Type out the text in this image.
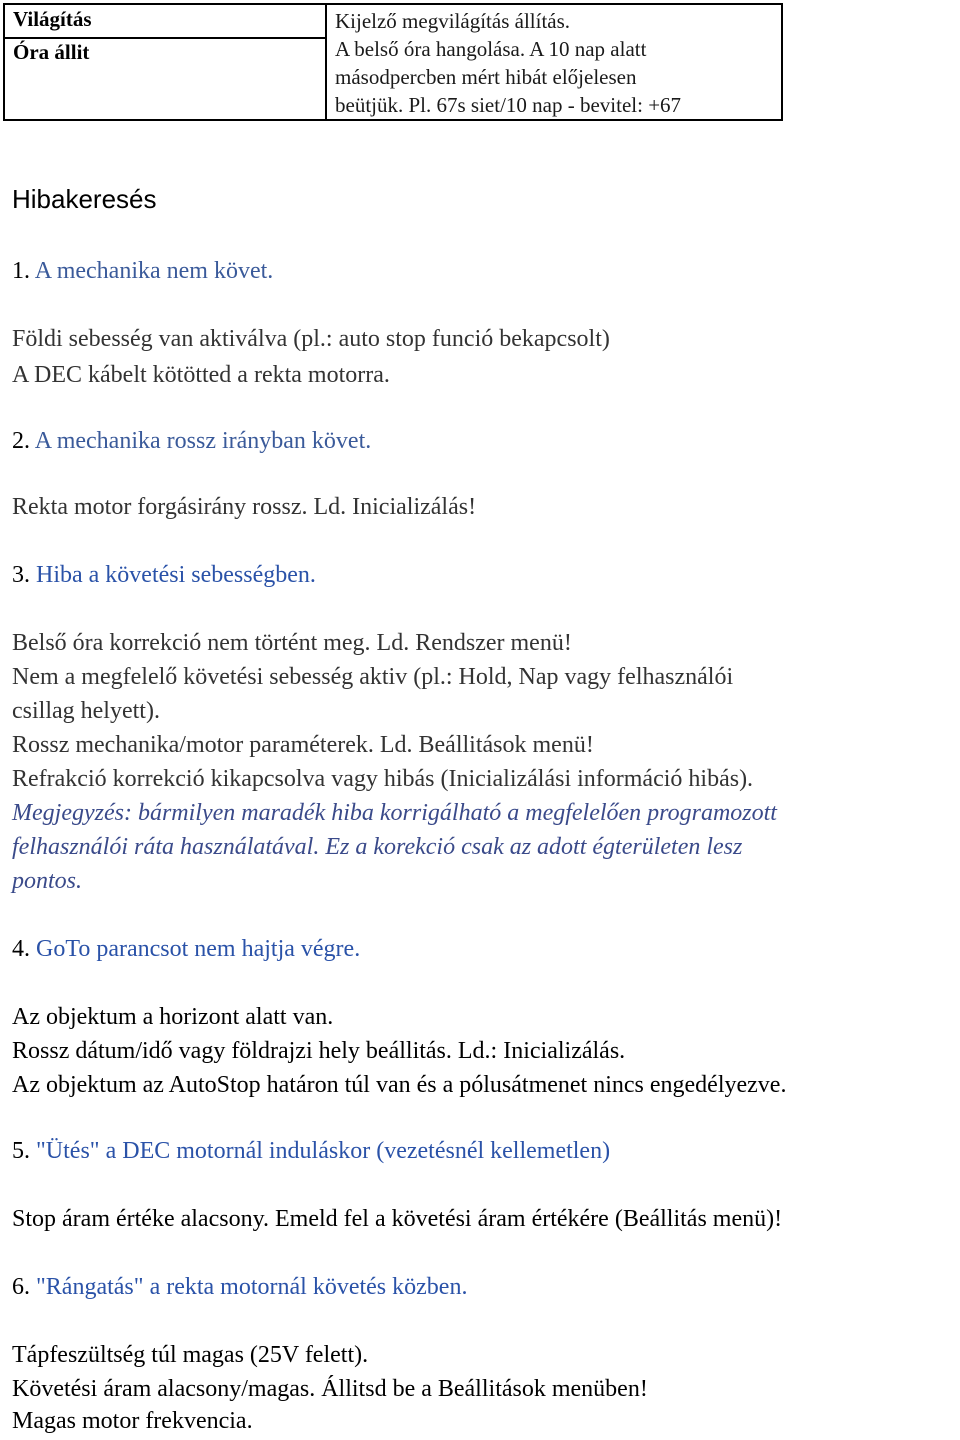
Világítás	Kijelző megvilágítás állítás.
Óra állit	A belső óra hangolása. A 10 nap alatt
másodpercben mért hibát előjelesen
beütjük. Pl. 67s siet/10 nap - bevitel: +67
Hibakeresés
1. A mechanika nem követ.
Földi sebesség van aktiválva (pl.: auto stop funció bekapcsolt)
A DEC kábelt kötötted a rekta motorra.
2. A mechanika rossz irányban követ.
Rekta motor forgásirány rossz. Ld. Inicializálás!
3. Hiba a követési sebességben.
Belső óra korrekció nem történt meg. Ld. Rendszer menü!
Nem a megfelelő követési sebesség aktiv (pl.: Hold, Nap vagy felhasználói
csillag helyett).
Rossz mechanika/motor paraméterek. Ld. Beállitások menü!
Refrakció korrekció kikapcsolva vagy hibás (Inicializálási információ hibás).
Megjegyzés: bármilyen maradék hiba korrigálható a megfelelően programozott
felhasználói ráta használatával. Ez a korekció csak az adott égterületen lesz
pontos.
4. GoTo parancsot nem hajtja végre.
Az objektum a horizont alatt van.
Rossz dátum/idő vagy földrajzi hely beállitás. Ld.: Inicializálás.
Az objektum az AutoStop határon túl van és a pólusátmenet nincs engedélyezve.
5. "Ütés" a DEC motornál induláskor (vezetésnél kellemetlen)
Stop áram értéke alacsony. Emeld fel a követési áram értékére (Beállitás menü)!
6. "Rángatás" a rekta motornál követés közben.
Tápfeszültség túl magas (25V felett).
Követési áram alacsony/magas. Állitsd be a Beállitások menüben!
Magas motor frekvencia.
